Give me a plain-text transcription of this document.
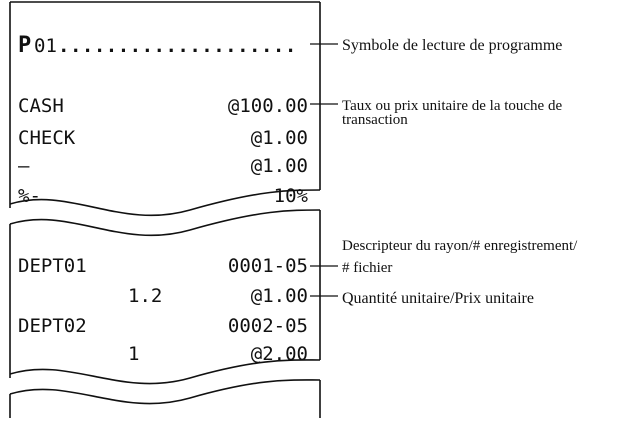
P 01 ....................
CASH	@100.00
CHECK	@1.00
–	@1.00
%-	10%
DEPT01	0001-05
1.2	@1.00
DEPT02	0002-05
1	@2.00
Symbole de lecture de programme
Taux ou prix unitaire de la touche de
transaction
Descripteur du rayon/# enregistrement/
# fichier
Quantité unitaire/Prix unitaire
